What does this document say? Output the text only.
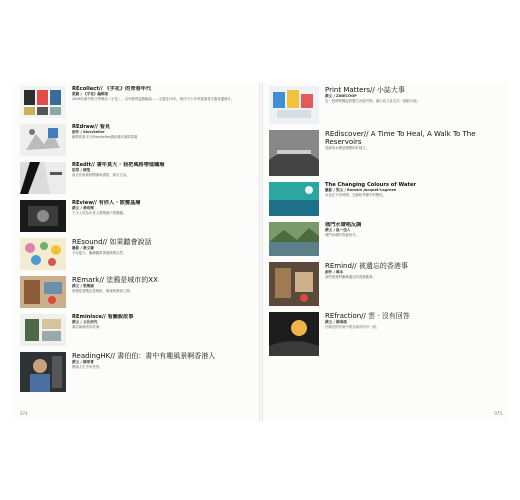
REcollect// 《字花》的青春年代
策劃 / 《字花》編輯部
2006年創刊的文學雜誌《字花》，以年輕的姿態崛起……走過近15年，陪伴不少年青寫讀者走過青澀歲月。
REdraw// 看見
創作 / Storyteller
網路故事平台Storyteller總結城市讀寫現場
REedit// 書年莫大 · 我把風格帶進職場
訪問 / 陳瑩
真正有意義的閱讀與書寫，源自生活。
REview// 有你人 · 散髮基層
撰文 / 黃明樂
不少人認為年青人對閱讀不感興趣。
REsound// 如果聽會說話
攝影 / 黃文謙
今年夏天，繼續圓夢香港熱帶自然。
REmark// 塗鴉是城市的XX
撰文 / 梁樂廉
塗鴉是建築也是藝術，街頭與藝術之間。
REminisce// 看圖說故事
撰文 / 文化研究
書店與讀者的故事。
ReadingHK// 書伯伯：書中有趣風景啊香港人
撰文 / 陳寒菁
閱讀人生中的美景。
074
Print Matters// 小誌大事
撰文 / ZINECOOP
近一段時間興起的獨立出版刊物，讓小誌文化走出一個新天地。
REdiscover// A Time To Heal, A Walk To The Reservoirs
香港的水塘是療癒的好地方。
The Changing Colours of Water
攝影 / 梁文 / Romain Jacquet-Lagreze
水色在不同時間、光線和季節中的變化。
城門水塘唱反調
撰文 / 區一佳人
城門水塘的春夏秋冬。
REmind// 被遺忘的香港事
創作 / 韓本
那些被我們漸漸遺忘的香港舊事。
REfraction// 雲 · 沒有回答
撰文 / 陳瑋榕
在陽光的折射中看見城市的另一面。
075
